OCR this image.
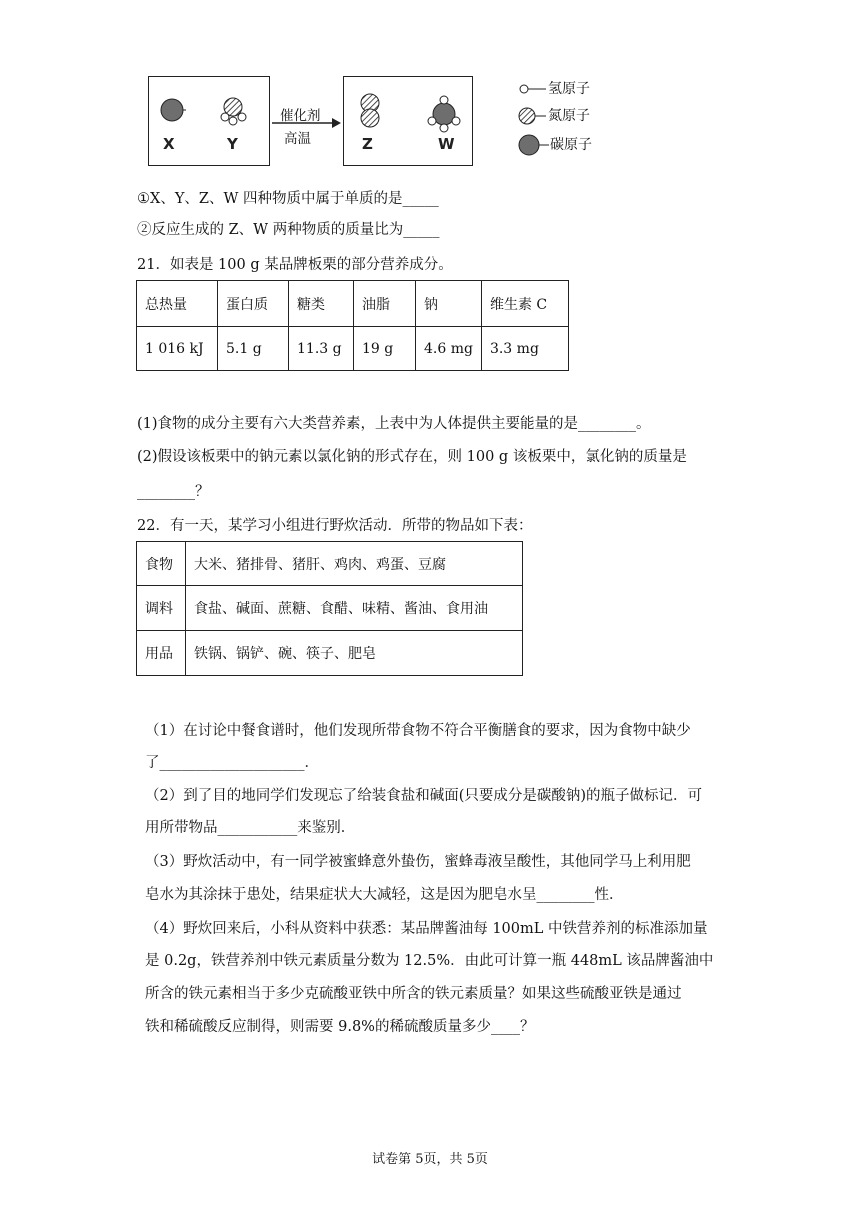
X	Y
催化剂
高温	Z	W
氢原子
氮原子
碳原子
①X、Y、Z、W 四种物质中属于单质的是_____
②反应生成的 Z、W 两种物质的质量比为_____
21．如表是 100 g 某品牌板栗的部分营养成分。
总热量	蛋白质	糖类	油脂	钠	维生素 C
1 016 kJ	5.1 g	11.3 g	19 g	4.6 mg	3.3 mg
(1)食物的成分主要有六大类营养素，上表中为人体提供主要能量的是________。
(2)假设该板栗中的钠元素以氯化钠的形式存在，则 100 g 该板栗中，氯化钠的质量是
________？
22．有一天，某学习小组进行野炊活动．所带的物品如下表：
食物	大米、猪排骨、猪肝、鸡肉、鸡蛋、豆腐
调料	食盐、碱面、蔗糖、食醋、味精、酱油、食用油
用品	铁锅、锅铲、碗、筷子、肥皂
（1）在讨论中餐食谱时，他们发现所带食物不符合平衡膳食的要求，因为食物中缺少
了____________________．
（2）到了目的地同学们发现忘了给装食盐和碱面(只要成分是碳酸钠)的瓶子做标记．可
用所带物品___________来鉴别．
（3）野炊活动中，有一同学被蜜蜂意外蛰伤，蜜蜂毒液呈酸性，其他同学马上利用肥
皂水为其涂抹于患处，结果症状大大减轻，这是因为肥皂水呈________性．
（4）野炊回来后，小科从资料中获悉：某品牌酱油每 100mL 中铁营养剂的标准添加量
是 0.2g，铁营养剂中铁元素质量分数为 12.5%．由此可计算一瓶 448mL 该品牌酱油中
所含的铁元素相当于多少克硫酸亚铁中所含的铁元素质量？如果这些硫酸亚铁是通过
铁和稀硫酸反应制得，则需要 9.8%的稀硫酸质量多少____？
试卷第 5页，共 5页
